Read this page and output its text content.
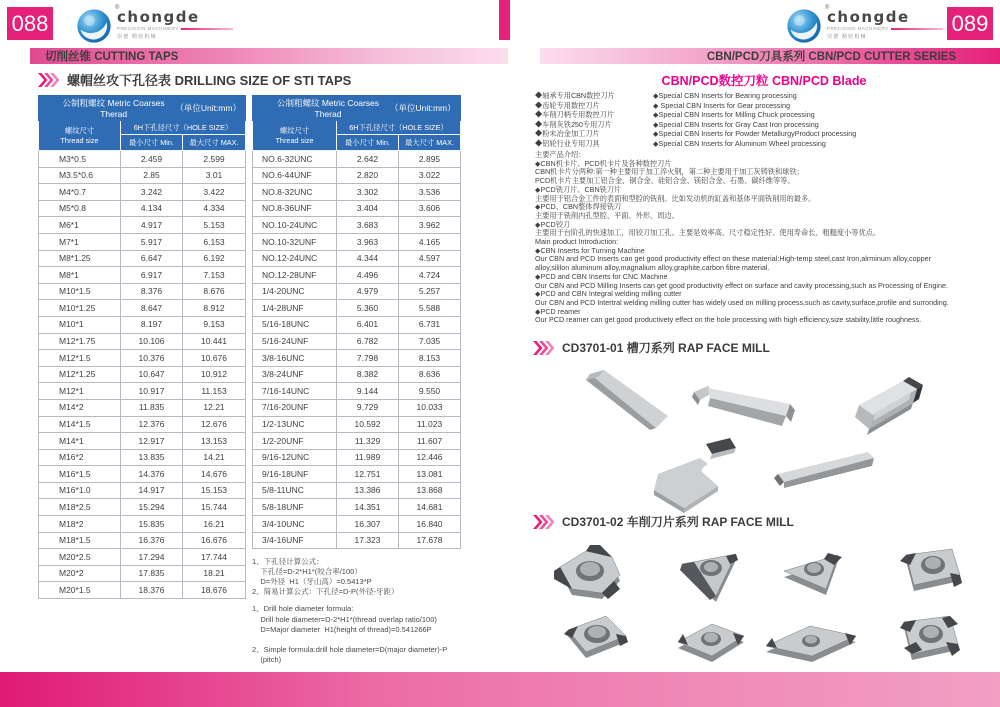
088	089
®
chongde
PRECISION MACHINERY
崇德 精密机械
®
chongde
PRECISION MACHINERY
崇德 精密机械
切削丝锥 CUTTING TAPS	CBN/PCD刀具系列 CBN/PCD CUTTER SERIES
螺帽丝攻下孔径表 DRILLING SIZE OF STI TAPS
公制粗螺纹 Metric Coarses Therad
（单位Unit:mm）		

螺纹尺寸
Thread size	6H下孔径尺寸（HOLE SIZE）	
	最小尺寸 Min.	最大尺寸 MAX.
M3*0.5	2.459	2.599
M3.5*0.6	2.85	3.01
M4*0.7	3.242	3.422
M5*0.8	4.134	4.334
M6*1	4.917	5.153
M7*1	5.917	6.153
M8*1.25	6.647	6.192
M8*1	6.917	7.153
M10*1.5	8.376	8.676
M10*1.25	8.647	8.912
M10*1	8.197	9.153
M12*1.75	10.106	10.441
M12*1.5	10.376	10.676
M12*1.25	10.647	10.912
M12*1	10.917	11.153
M14*2	11.835	12.21
M14*1.5	12.376	12.676
M14*1	12.917	13.153
M16*2	13.835	14.21
M16*1.5	14.376	14.676
M16*1.0	14.917	15.153
M18*2.5	15.294	15.744
M18*2	15.835	16.21
M18*1.5	16.376	16.676
M20*2.5	17.294	17.744
M20*2	17.835	18.21
M20*1.5	18.376	18.676
公制粗螺纹 Metric Coarses Therad
（单位Unit:mm）		

螺纹尺寸
Thread size	6H下孔径尺寸（HOLE SIZE）	
	最小尺寸 Min.	最大尺寸 MAX.
NO.6-32UNC	2.642	2.895
NO.6-44UNF	2.820	3.022
NO.8-32UNC	3.302	3.536
NO.8-36UNF	3.404	3.606
NO.10-24UNC	3.683	3.962
NO.10-32UNF	3.963	4.165
NO.12-24UNC	4.344	4.597
NO.12-28UNF	4.496	4.724
1/4-20UNC	4.979	5.257
1/4-28UNF	5.360	5.588
5/16-18UNC	6.401	6.731
5/16-24UNF	6.782	7.035
3/8-16UNC	7.798	8.153
3/8-24UNF	8.382	8.636
7/16-14UNC	9.144	9.550
7/16-20UNF	9.729	10.033
1/2-13UNC	10.592	11.023
1/2-20UNF	11.329	11.607
9/16-12UNC	11.989	12.446
9/16-18UNF	12.751	13.081
5/8-11UNC	13.386	13.868
5/8-18UNF	14.351	14.681
3/4-10UNC	16.307	16.840
3/4-16UNF	17.323	17.678
1、下孔径计算公式：
下孔径=D-2*H1*(咬合率/100）
D=外径  H1（牙山高）=0.5413*P
2、简易计算公式：下孔径=D-P(外径-牙距）
1、Drill hole diameter formula:
Drill hole diameter=D-2*H1*(thread overlap ratio/100)
D=Major diameter  H1(height of thread)=0.541266P
2、Simple formula:drill hole diameter=D(major diameter)-P
(pitch)
CBN/PCD数控刀粒 CBN/PCD Blade
◆轴承专用CBN数控刀片
◆齿轮专用数控刀片
◆车削刀柄专用数控刀片
◆车削灰铁250专用刀片
◆粉末冶金加工刀片
◆铝轮行业专用刀具
◆Special CBN Inserts for Bearing processing
◆ Special CBN Inserts for Gear processing
◆Special CBN Inserts for Milling Chuck processing
◆Special CBN Inserts for Gray Cast Iron processing
◆Special CBN Inserts for Powder MetallurgyProduct processing
◆Special CBN Inserts for Aluminum Wheel processing
主要产品介绍：
◆CBN机卡片、PCD机卡片及各种数控刀片
CBN机卡片分两种:第一种主要用于加工淬火钢，第二种主要用于加工灰铸铁和球铁；
PCD机卡片主要加工铝合金、铜合金、硅铝合金、镁铝合金、石墨、碳纤维等等。
◆PCD铣刀片、CBN铣刀片
主要用于铝合金工件的表面和型腔的铣削。比如发动机的缸盖和基体平面铣削用的最多。
◆PCD、CBN整体焊接铣刀
主要用于铣削内孔型腔、平面、外形、周边。
◆PCD铰刀
主要用于台阶孔的快速加工，用铰刀加工孔。主要是效率高、尺寸稳定性好、使用寿命长、粗糙度小等优点。
Main product Introduction:
◆CBN Inserts for Turning Machine
Our CBN and PCD Inserts can get good productivity effect on these material:High-temp steel,cast Iron,alrminum alloy,copper
alloy,sililon aluminum alloy,magnalium alloy,graphite,carbon fibre material.
◆PCD and CBN Inserts for CNC Machine
Our CBN and PCD Milling Inserts can get good productivity effect on surface and cavity processing,such as Processing of Engine.
◆PCD and CBN Integral welding milling cutter
Our CBN and PCD Intertral welding milling cutter has widely used on milling process,such as cavity,surface,profile and surronding.
◆PCD reamer
Our PCD reamer can get good productivety effect on the hole processing with high efficiency,size stability,little roughness.
CD3701-01 槽刀系列 RAP FACE MILL
CD3701-02 车削刀片系列 RAP FACE MILL
